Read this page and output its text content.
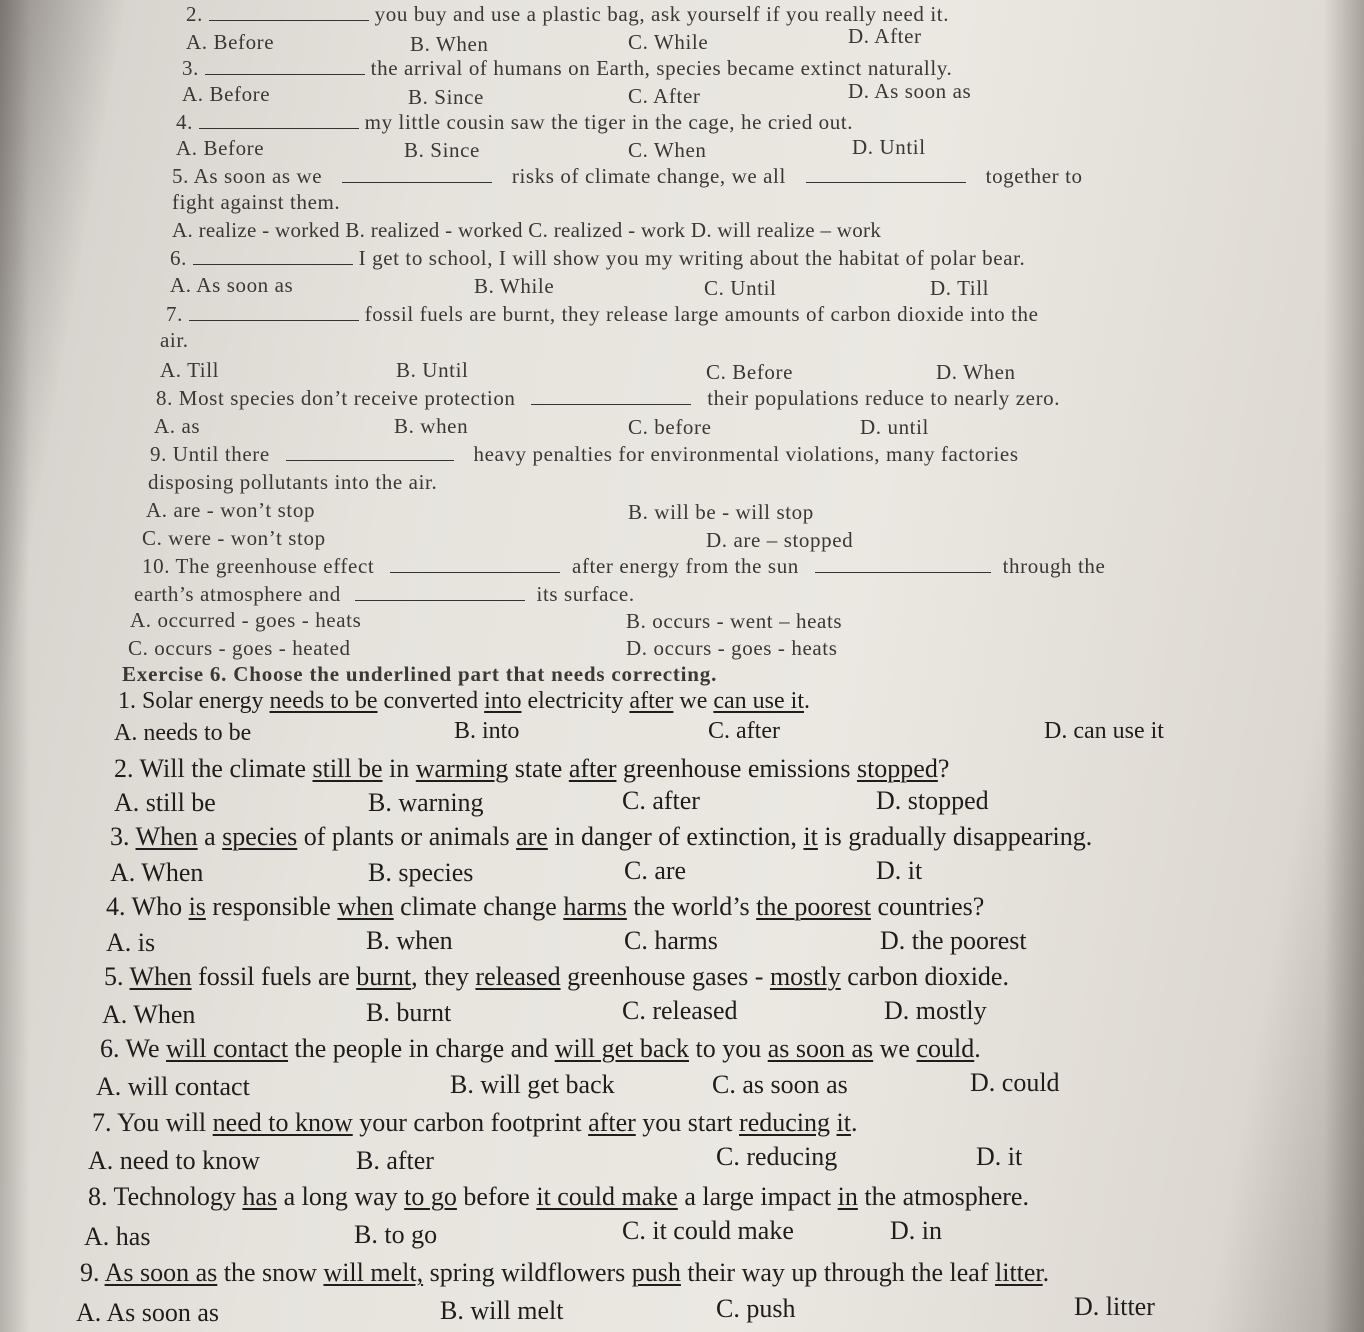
2.	you buy and use a plastic bag, ask yourself if you really need it.
A. Before	B. When	C. While	D. After
3.	the arrival of humans on Earth, species became extinct naturally.
A. Before	B. Since	C. After	D. As soon as
4.	my little cousin saw the tiger in the cage, he cried out.
A. Before	B. Since	C. When	D. Until
5. As soon as we	risks of climate change, we all	together to
fight against them.
A. realize - worked B. realized - worked C. realized - work D. will realize – work
6.	I get to school, I will show you my writing about the habitat of polar bear.
A. As soon as	B. While	C. Until	D. Till
7.	fossil fuels are burnt, they release large amounts of carbon dioxide into the
air.
A. Till	B. Until	C. Before	D. When
8. Most species don’t receive protection	their populations reduce to nearly zero.
A. as	B. when	C. before	D. until
9. Until there	heavy penalties for environmental violations, many factories
disposing pollutants into the air.
A. are - won’t stop	B. will be - will stop
C. were - won’t stop	D. are – stopped
10. The greenhouse effect	after energy from the sun	through the
earth’s atmosphere and	its surface.
A. occurred - goes - heats	B. occurs - went – heats
C. occurs - goes - heated	D. occurs - goes - heats
Exercise 6. Choose the underlined part that needs correcting.
1. Solar energy needs to be converted into electricity after we can use it.
A. needs to be	B. into	C. after	D. can use it
2. Will the climate still be in warming state after greenhouse emissions stopped?
A. still be	B. warning	C. after	D. stopped
3. When a species of plants or animals are in danger of extinction, it is gradually disappearing.
A. When	B. species	C. are	D. it
4. Who is responsible when climate change harms the world’s the poorest countries?
A. is	B. when	C. harms	D. the poorest
5. When fossil fuels are burnt, they released greenhouse gases - mostly carbon dioxide.
A. When	B. burnt	C. released	D. mostly
6. We will contact the people in charge and will get back to you as soon as we could.
A. will contact	B. will get back	C. as soon as	D. could
7. You will need to know your carbon footprint after you start reducing it.
A. need to know	B. after	C. reducing	D. it
8. Technology has a long way to go before it could make a large impact in the atmosphere.
A. has	B. to go	C. it could make	D. in
9. As soon as the snow will melt, spring wildflowers push their way up through the leaf litter.
A. As soon as	B. will melt	C. push	D. litter
